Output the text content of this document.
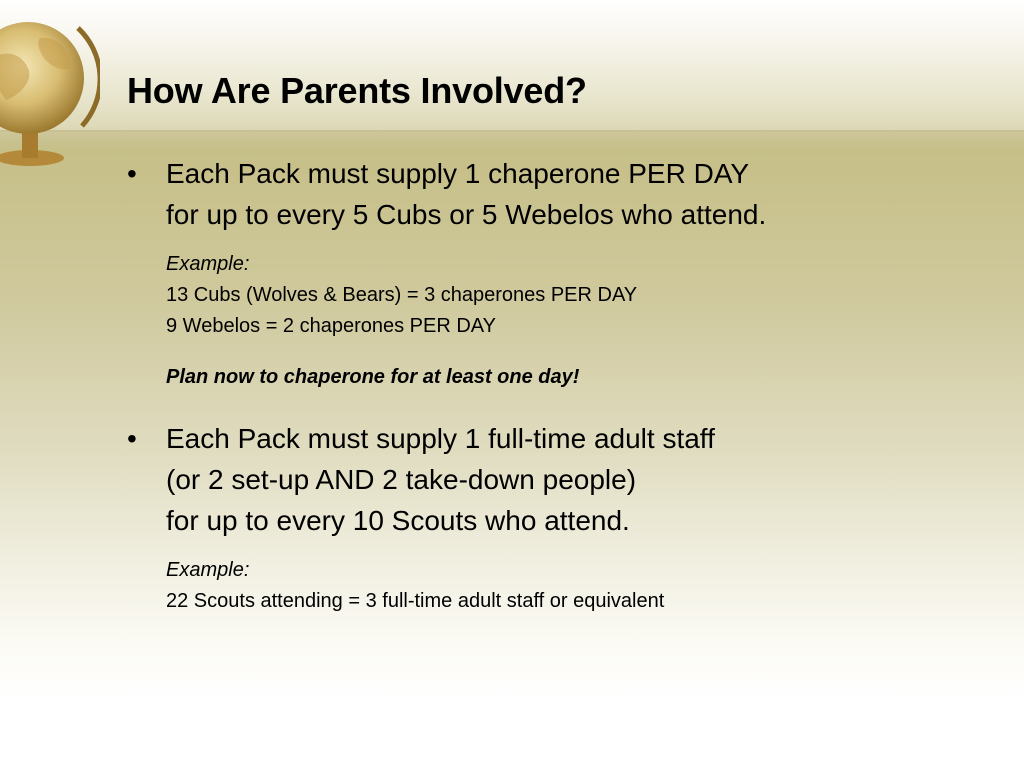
How Are Parents Involved?
•	Each Pack must supply 1 chaperone PER DAY
for up to every 5 Cubs or 5 Webelos who attend.
Example:
13 Cubs (Wolves & Bears) = 3 chaperones PER DAY
9 Webelos = 2 chaperones PER DAY
Plan now to chaperone for at least one day!
•	Each Pack must supply 1 full-time adult staff
(or 2 set-up AND 2 take-down people)
for up to every 10 Scouts who attend.
Example:
22 Scouts attending = 3 full-time adult staff or equivalent
